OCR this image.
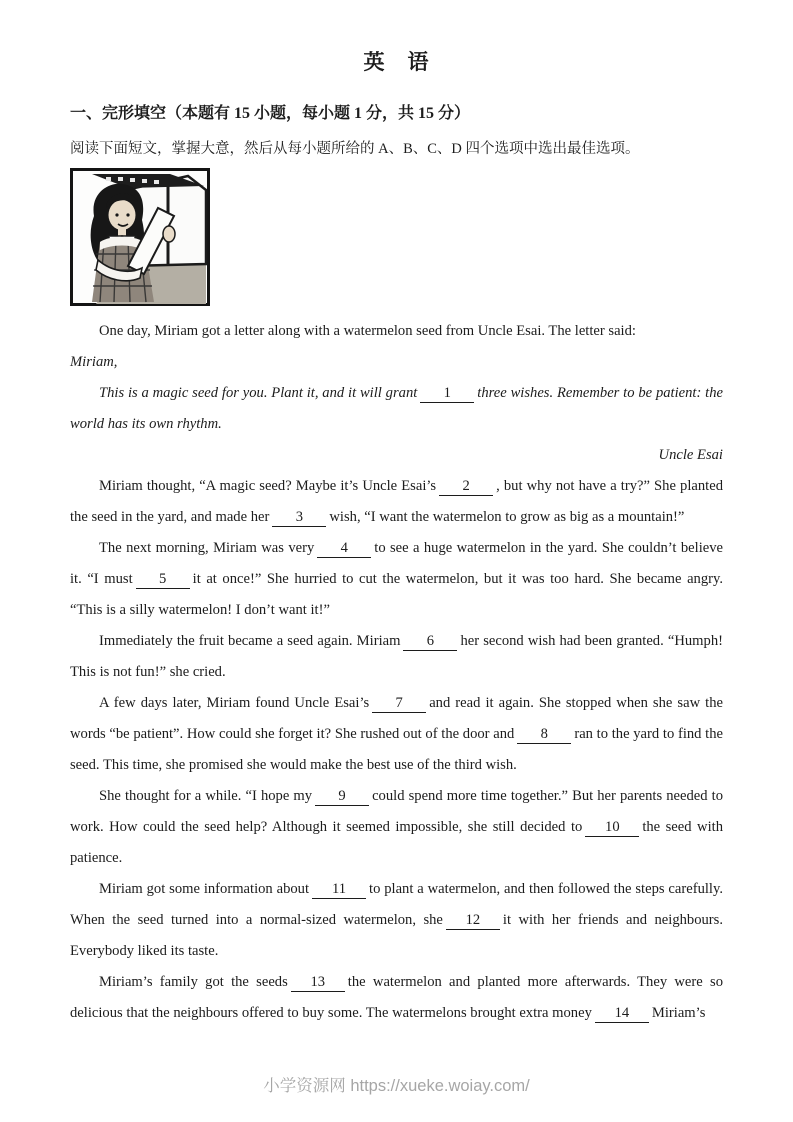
英　语
一、完形填空（本题有 15 小题，每小题 1 分，共 15 分）
阅读下面短文，掌握大意，然后从每小题所给的 A、B、C、D 四个选项中选出最佳选项。

One day, Miriam got a letter along with a watermelon seed from Uncle Esai. The letter said:

Miriam,

This is a magic seed for you. Plant it, and it will grant 1 three wishes. Remember to be patient: the world has its own rhythm.

Uncle Esai

Miriam thought, “A magic seed? Maybe it’s Uncle Esai’s 2 , but why not have a try?” She planted the seed in the yard, and made her 3 wish, “I want the watermelon to grow as big as a mountain!”

The next morning, Miriam was very 4 to see a huge watermelon in the yard. She couldn’t believe it. “I must 5 it at once!” She hurried to cut the watermelon, but it was too hard. She became angry. “This is a silly watermelon! I don’t want it!”

Immediately the fruit became a seed again. Miriam 6 her second wish had been granted. “Humph! This is not fun!” she cried.

A few days later, Miriam found Uncle Esai’s 7 and read it again. She stopped when she saw the words “be patient”. How could she forget it? She rushed out of the door and 8 ran to the yard to find the seed. This time, she promised she would make the best use of the third wish.

She thought for a while. “I hope my 9 could spend more time together.” But her parents needed to work. How could the seed help? Although it seemed impossible, she still decided to 10 the seed with patience.

Miriam got some information about 11 to plant a watermelon, and then followed the steps carefully. When the seed turned into a normal-sized watermelon, she 12 it with her friends and neighbours. Everybody liked its taste.

Miriam’s family got the seeds 13 the watermelon and planted more afterwards. They were so delicious that the neighbours offered to buy some. The watermelons brought extra money 14 Miriam’s

小学资源网 https://xueke.woiay.com/
